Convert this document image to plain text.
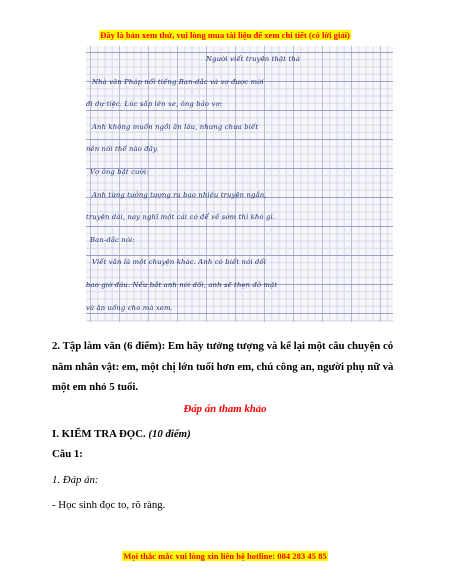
Đây là bản xem thử, vui lòng mua tài liệu để xem chi tiết (có lời giải)
Người viết truyện thật thà
Nhà văn Pháp nổi tiếng Ban-dắc và vợ được mời
đi dự tiệc. Lúc sắp lên xe, ông bảo vợ:
Anh không muốn ngồi ăn lâu, nhưng chưa biết
nên nói thế nào đây.
Vợ ông bật cười:
Anh từng tưởng tượng ra bao nhiêu truyện ngắn,
truyện dài, nay nghĩ một cái cớ để về sớm thì khó gì.
Ban-dắc nói:
Viết văn là một chuyện khác. Anh có biết nói dối
bao giờ đâu. Nếu bắt anh nói dối, anh sẽ thẹn đỏ mặt
và ăn uống cho mà xem.
2. Tập làm văn (6 điểm): Em hãy tưởng tượng và kể lại một câu chuyện có năm nhân vật: em, một chị lớn tuổi hơn em, chú công an, người phụ nữ và một em nhỏ 5 tuổi.
Đáp án tham khảo
I. KIỂM TRA ĐỌC. (10 điểm)
Câu 1:
1. Đáp án:
- Học sinh đọc to, rõ ràng.
Mọi thắc mắc vui lòng xin liên hệ hotline: 084 283 45 85
